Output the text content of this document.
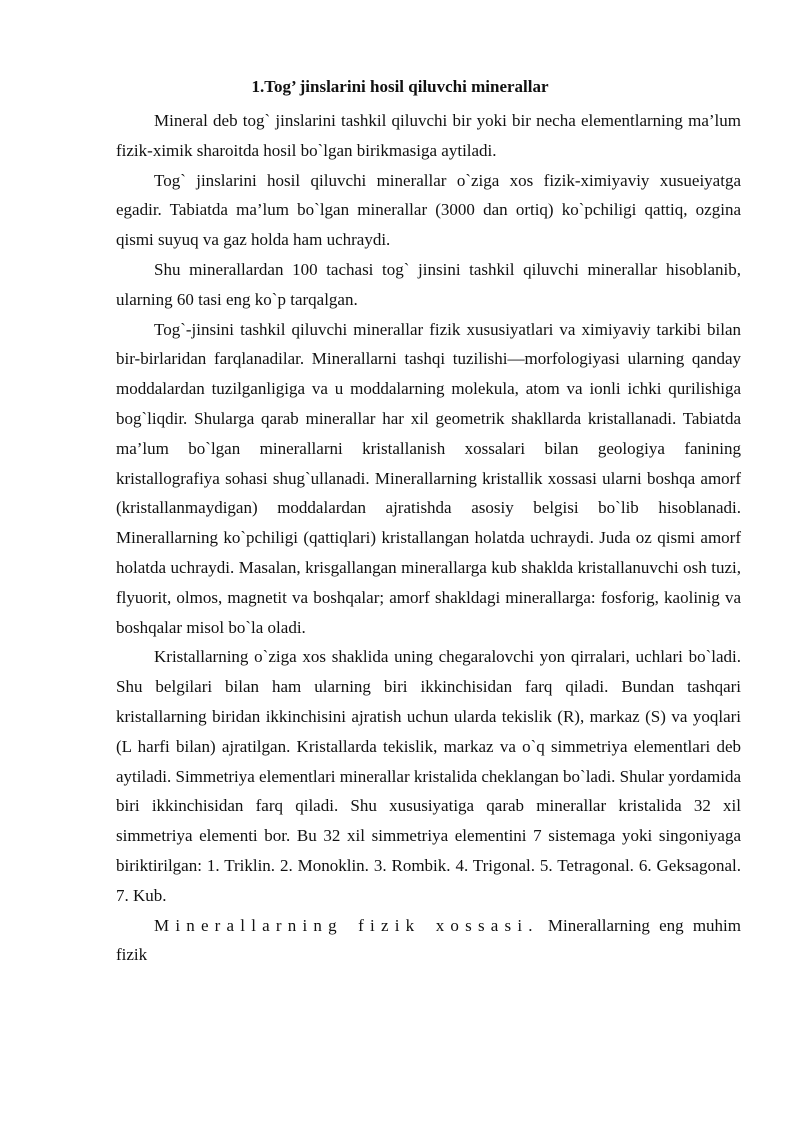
1.Tog’ jinslarini hosil qiluvchi minerallar

Mineral deb tog` jinslarini tashkil qiluvchi bir yoki bir necha elementlarning ma’lum fizik-ximik sharoitda hosil bo`lgan birikmasiga aytiladi.

Tog` jinslarini hosil qiluvchi minerallar o`ziga xos fizik-ximiyaviy xusueiyatga egadir. Tabiatda ma’lum bo`lgan minerallar (3000 dan ortiq) ko`pchiligi qattiq, ozgina qismi suyuq va gaz holda ham uchraydi.

Shu minerallardan 100 tachasi tog` jinsini tashkil qiluvchi minerallar hisoblanib, ularning 60 tasi eng ko`p tarqalgan.

Tog`-jinsini tashkil qiluvchi minerallar fizik xususiyatlari va ximiyaviy tarkibi bilan bir-birlaridan farqlanadilar. Minerallarni tashqi tuzilishi—morfologiyasi ularning qanday moddalardan tuzilganligiga va u moddalarning molekula, atom va ionli ichki qurilishiga bog`liqdir. Shularga qarab minerallar har xil geometrik shakllarda kristallanadi. Tabiatda ma’lum bo`lgan minerallarni kristallanish xossalari bilan geologiya fanining kristallografiya sohasi shug`ullanadi. Minerallarning kristallik xossasi ularni boshqa amorf (kristallanmaydigan) moddalardan ajratishda asosiy belgisi bo`lib hisoblanadi. Minerallarning ko`pchiligi (qattiqlari) kristallangan holatda uchraydi. Juda oz qismi amorf holatda uchraydi. Masalan, krisgallangan minerallarga kub shaklda kristallanuvchi osh tuzi, flyuorit, olmos, magnetit va boshqalar; amorf shakldagi minerallarga: fosforig, kaolinig va boshqalar misol bo`la oladi.

Kristallarning o`ziga xos shaklida uning chegaralovchi yon qirralari, uchlari bo`ladi. Shu belgilari bilan ham ularning biri ikkinchisidan farq qiladi. Bundan tashqari kristallarning biridan ikkinchisini ajratish uchun ularda tekislik (R), markaz (S) va yoqlari (L harfi bilan) ajratilgan. Kristallarda tekislik, markaz va o`q simmetriya elementlari deb aytiladi. Simmetriya elementlari minerallar kristalida cheklangan bo`ladi. Shular yordamida biri ikkinchisidan farq qiladi. Shu xususiyatiga qarab minerallar kristalida 32 xil simmetriya elementi bor. Bu 32 xil simmetriya elementini 7 sistemaga yoki singoniyaga biriktirilgan: 1. Triklin. 2. Monoklin. 3. Rombik. 4. Trigonal. 5. Tetragonal. 6. Geksagonal. 7. Kub.

Minerallarning fizik xossasi. Minerallarning eng muhim fizik
